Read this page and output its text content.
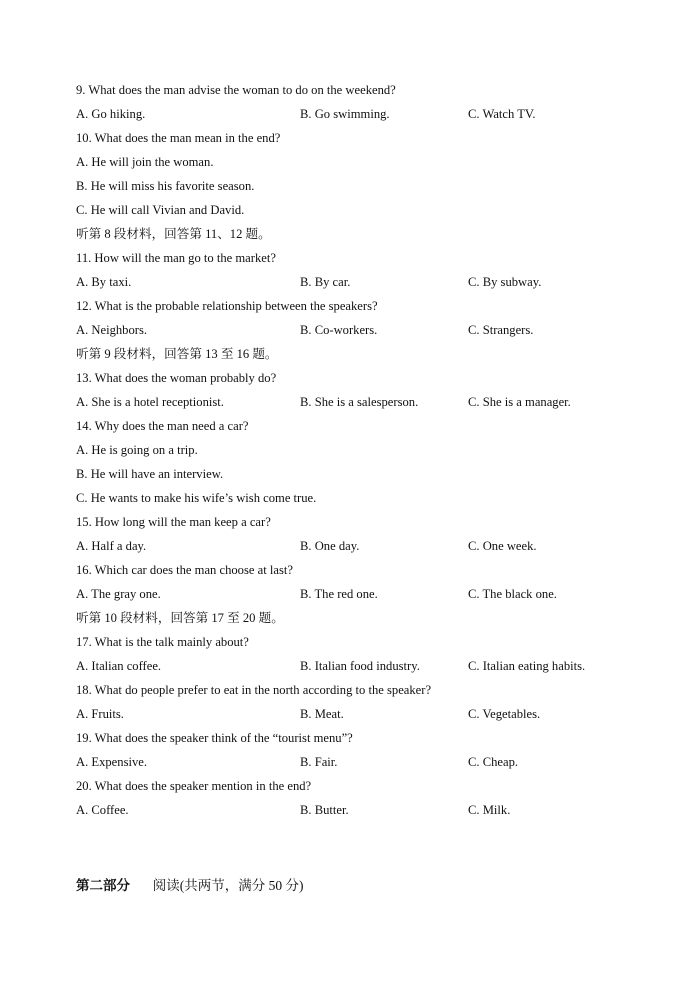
9. What does the man advise the woman to do on the weekend?
A. Go hiking.	B. Go swimming.	C. Watch TV.
10. What does the man mean in the end?
A. He will join the woman.
B. He will miss his favorite season.
C. He will call Vivian and David.
听第 8 段材料，回答第 11、12 题。
11. How will the man go to the market?
A. By taxi.	B. By car.	C. By subway.
12. What is the probable relationship between the speakers?
A. Neighbors.	B. Co-workers.	C. Strangers.
听第 9 段材料，回答第 13 至 16 题。
13. What does the woman probably do?
A. She is a hotel receptionist.	B. She is a salesperson.	C. She is a manager.
14. Why does the man need a car?
A. He is going on a trip.
B. He will have an interview.
C. He wants to make his wife’s wish come true.
15. How long will the man keep a car?
A. Half a day.	B. One day.	C. One week.
16. Which car does the man choose at last?
A. The gray one.	B. The red one.	C. The black one.
听第 10 段材料，回答第 17 至 20 题。
17. What is the talk mainly about?
A. Italian coffee.	B. Italian food industry.	C. Italian eating habits.
18. What do people prefer to eat in the north according to the speaker?
A. Fruits.	B. Meat.	C. Vegetables.
19. What does the speaker think of the “tourist menu”?
A. Expensive.	B. Fair.	C. Cheap.
20. What does the speaker mention in the end?
A. Coffee.	B. Butter.	C. Milk.
第二部分 阅读(共两节，满分 50 分)
